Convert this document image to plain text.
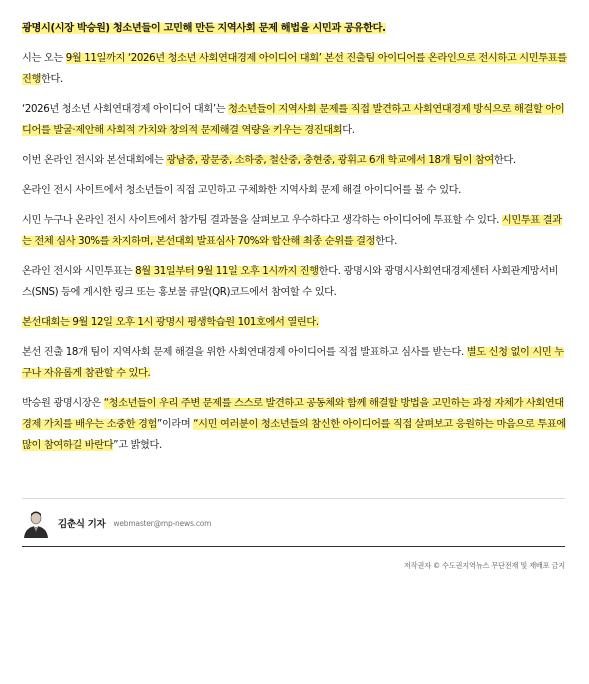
광명시(시장 박승원) 청소년들이 고민해 만든 지역사회 문제 해법을 시민과 공유한다.

시는 오는 9월 11일까지 ‘2026년 청소년 사회연대경제 아이디어 대회’ 본선 진출팀 아이디어를 온라인으로 전시하고 시민투표를 진행한다.

‘2026년 청소년 사회연대경제 아이디어 대회’는 청소년들이 지역사회 문제를 직접 발견하고 사회연대경제 방식으로 해결할 아이디어를 발굴·제안해 사회적 가치와 창의적 문제해결 역량을 키우는 경진대회다.

이번 온라인 전시와 본선대회에는 광남중, 광문중, 소하중, 철산중, 충현중, 광휘고 6개 학교에서 18개 팀이 참여한다.

온라인 전시 사이트에서 청소년들이 직접 고민하고 구체화한 지역사회 문제 해결 아이디어를 볼 수 있다.

시민 누구나 온라인 전시 사이트에서 참가팀 결과물을 살펴보고 우수하다고 생각하는 아이디어에 투표할 수 있다. 시민투표 결과는 전체 심사 30%를 차지하며, 본선대회 발표심사 70%와 합산해 최종 순위를 결정한다.

온라인 전시와 시민투표는 8월 31일부터 9월 11일 오후 1시까지 진행한다. 광명시와 광명시사회연대경제센터 사회관계망서비스(SNS) 등에 게시한 링크 또는 홍보물 큐알(QR)코드에서 참여할 수 있다.

본선대회는 9월 12일 오후 1시 광명시 평생학습원 101호에서 열린다.

본선 진출 18개 팀이 지역사회 문제 해결을 위한 사회연대경제 아이디어를 직접 발표하고 심사를 받는다. 별도 신청 없이 시민 누구나 자유롭게 참관할 수 있다.

박승원 광명시장은 “청소년들이 우리 주변 문제를 스스로 발견하고 공동체와 함께 해결할 방법을 고민하는 과정 자체가 사회연대경제 가치를 배우는 소중한 경험”이라며 “시민 여러분이 청소년들의 참신한 아이디어를 직접 살펴보고 응원하는 마음으로 투표에 많이 참여하길 바란다”고 밝혔다.

김춘식 기자 webmaster@mp-news.com
저작권자 © 수도권지역뉴스 무단전재 및 재배포 금지
